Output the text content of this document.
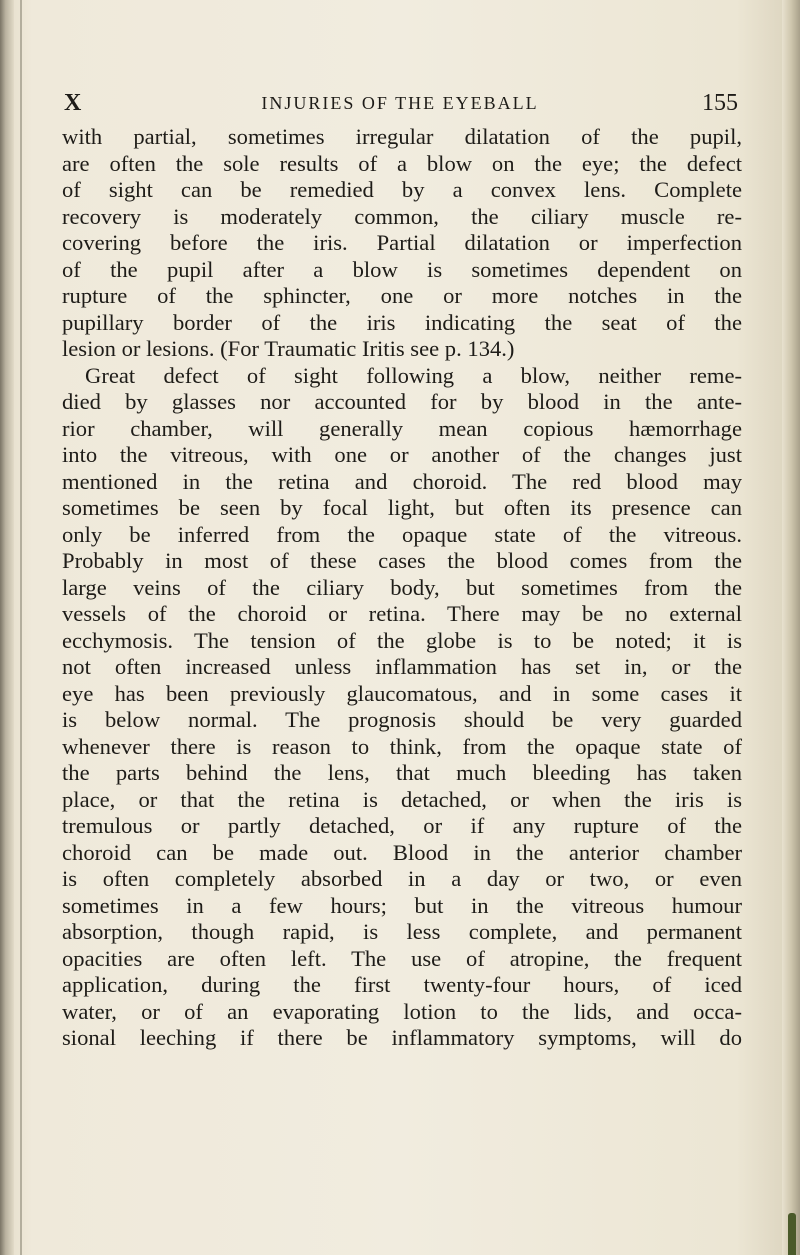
X	INJURIES OF THE EYEBALL	155
with partial, sometimes irregular dilatation of the pupil,
are often the sole results of a blow on the eye; the defect
of sight can be remedied by a convex lens. Complete
recovery is moderately common, the ciliary muscle re-
covering before the iris. Partial dilatation or imperfection
of the pupil after a blow is sometimes dependent on
rupture of the sphincter, one or more notches in the
pupillary border of the iris indicating the seat of the
lesion or lesions. (For Traumatic Iritis see p. 134.)
Great defect of sight following a blow, neither reme-
died by glasses nor accounted for by blood in the ante-
rior chamber, will generally mean copious hæmorrhage
into the vitreous, with one or another of the changes just
mentioned in the retina and choroid. The red blood may
sometimes be seen by focal light, but often its presence can
only be inferred from the opaque state of the vitreous.
Probably in most of these cases the blood comes from the
large veins of the ciliary body, but sometimes from the
vessels of the choroid or retina. There may be no external
ecchymosis. The tension of the globe is to be noted; it is
not often increased unless inflammation has set in, or the
eye has been previously glaucomatous, and in some cases it
is below normal. The prognosis should be very guarded
whenever there is reason to think, from the opaque state of
the parts behind the lens, that much bleeding has taken
place, or that the retina is detached, or when the iris is
tremulous or partly detached, or if any rupture of the
choroid can be made out. Blood in the anterior chamber
is often completely absorbed in a day or two, or even
sometimes in a few hours; but in the vitreous humour
absorption, though rapid, is less complete, and permanent
opacities are often left. The use of atropine, the frequent
application, during the first twenty-four hours, of iced
water, or of an evaporating lotion to the lids, and occa-
sional leeching if there be inflammatory symptoms, will do
